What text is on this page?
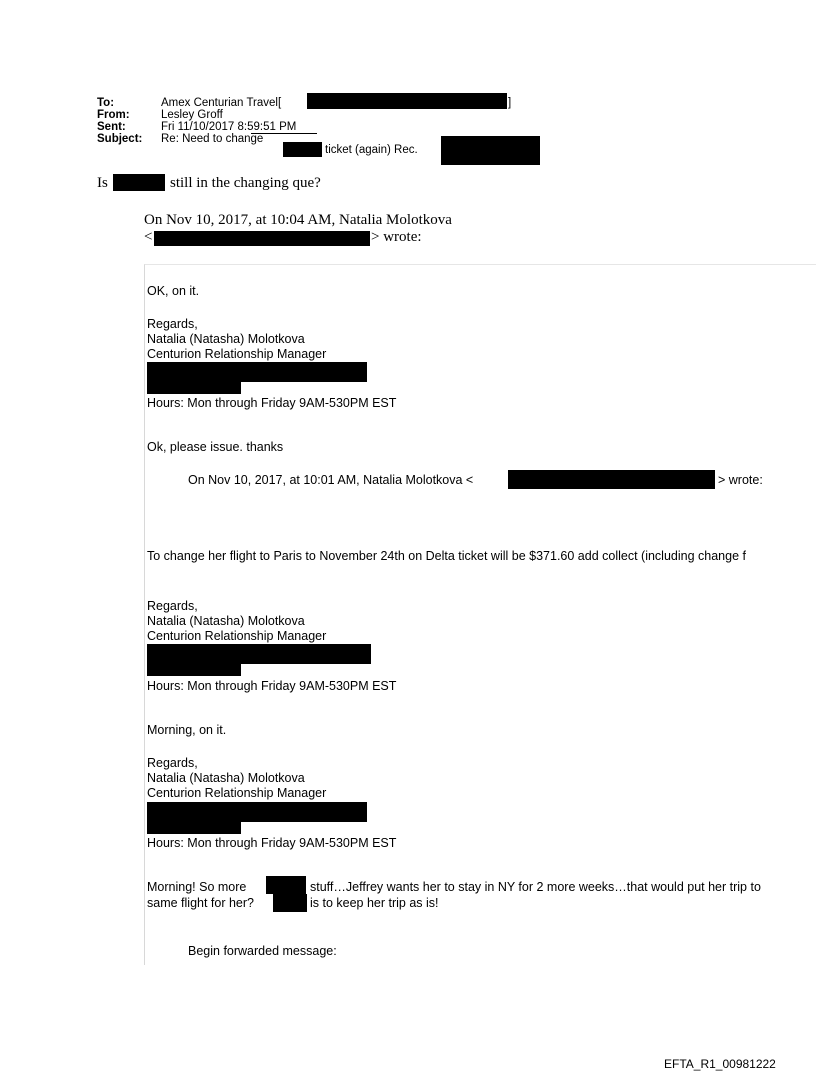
To:	Amex Centurian Travel[	]
From:	Lesley Groff
Sent:	Fri 11/10/2017 8:59:51 PM
Subject: Re: Need to change
ticket (again) Rec.
Is	still in the changing que?
On Nov 10, 2017, at 10:04 AM, Natalia Molotkova
<	> wrote:
OK, on it.
Regards,
Natalia (Natasha) Molotkova
Centurion Relationship Manager
Hours: Mon through Friday 9AM-530PM EST
Ok, please issue. thanks
On Nov 10, 2017, at 10:01 AM, Natalia Molotkova <	> wrote:
To change her flight to Paris to November 24th on Delta ticket will be $371.60 add collect (including change f
Regards,
Natalia (Natasha) Molotkova
Centurion Relationship Manager
Hours: Mon through Friday 9AM-530PM EST
Morning, on it.
Regards,
Natalia (Natasha) Molotkova
Centurion Relationship Manager
Hours: Mon through Friday 9AM-530PM EST
Morning! So more	stuff…Jeffrey wants her to stay in NY for 2 more weeks…that would put her trip to
same flight for her?	is to keep her trip as is!
Begin forwarded message:
EFTA_R1_00981222
